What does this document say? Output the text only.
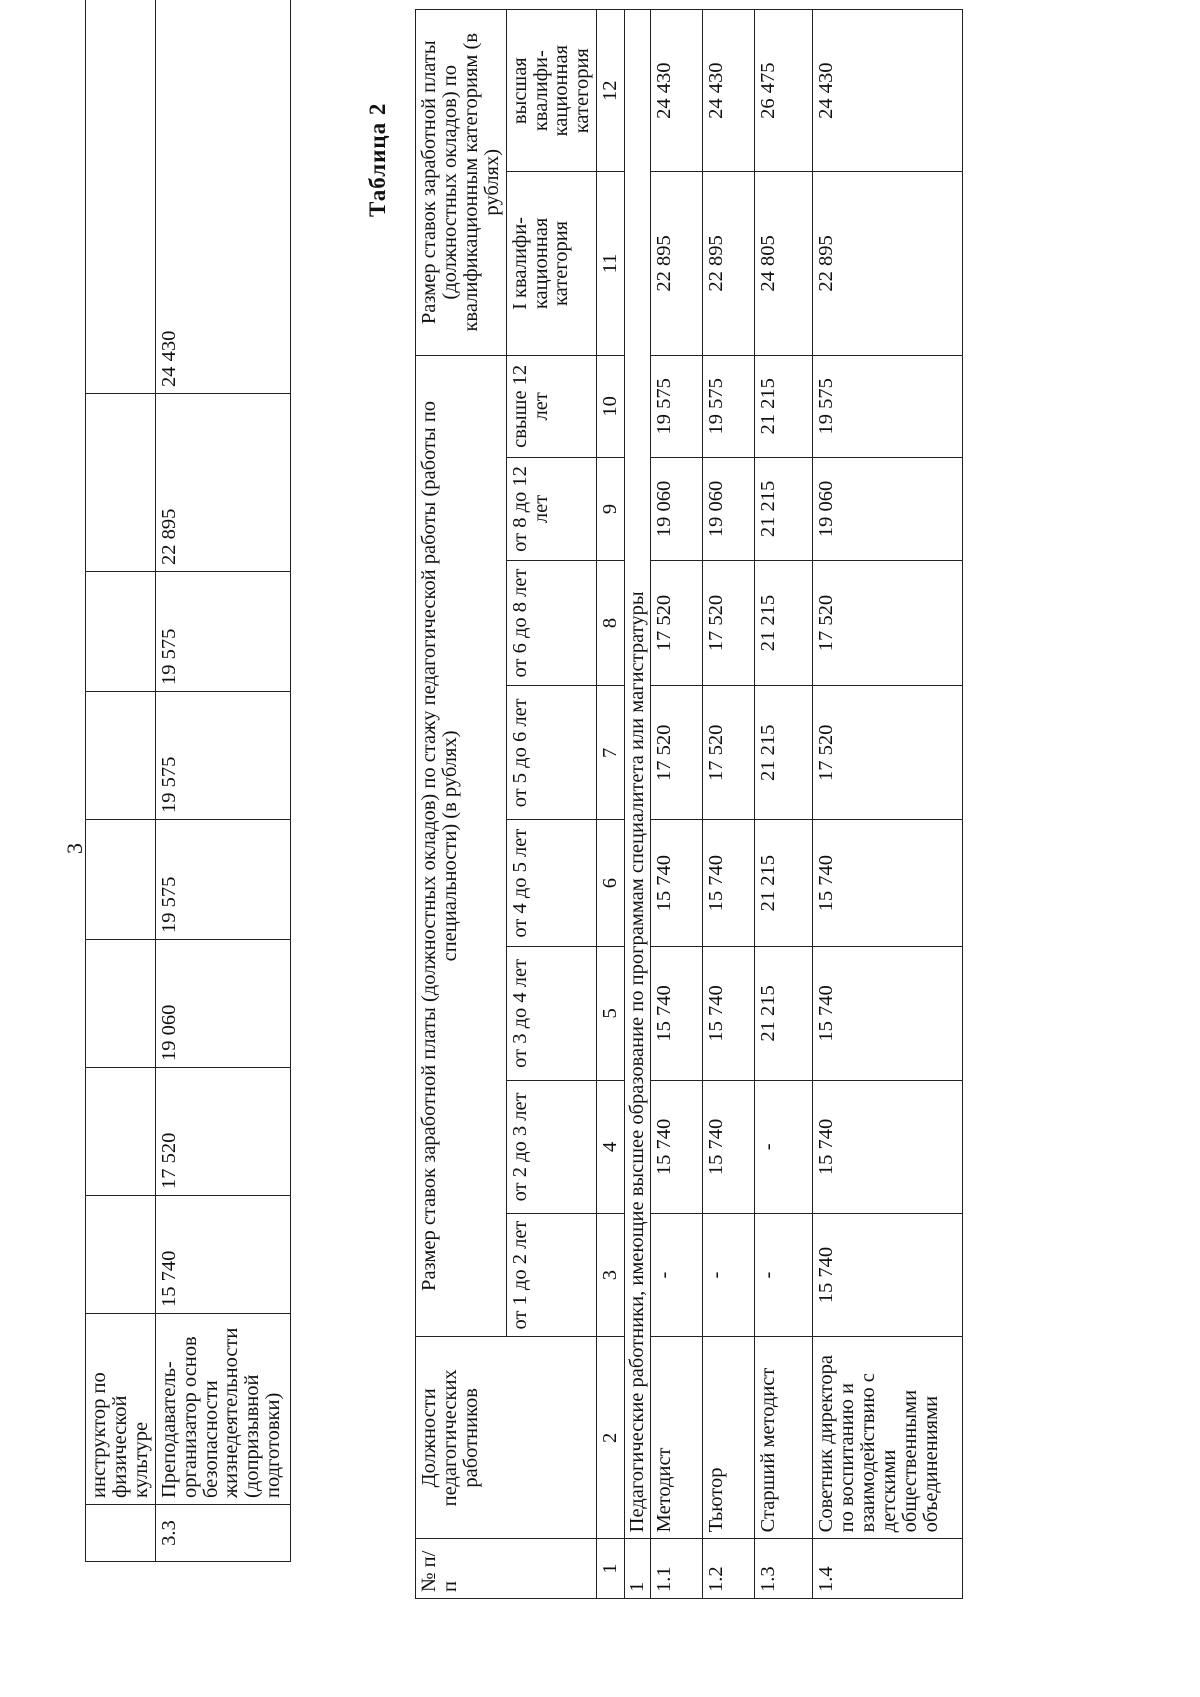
3
	инструктор по физической культуре									
3.3	Преподаватель-организатор основ безопасности жизнедеятельности (допризывной подготовки)	15 740	17 520	19 060	19 575	19 575	19 575	22 895	24 430	
Таблица 2
№ п/п	Должности педагогических работников	Размер ставок заработной платы (должностных окладов) по стажу педагогической работы (работы по специальности) (в рублях)								Размер ставок заработной платы (должностных окладов) по квалификационным категориям (в рублях)	
		от 1 до 2 лет	от 2 до 3 лет	от 3 до 4 лет	от 4 до 5 лет	от 5 до 6 лет	от 6 до 8 лет	от 8 до 12 лет	свыше 12 лет	I квалифи-кационная категория	высшая квалифи-кационная категория
1	2	3	4	5	6	7	8	9	10	11	12
1	Педагогические работники, имеющие высшее образование по программам специалитета или магистратуры										
1.1	Методист	-	15 740	15 740	15 740	17 520	17 520	19 060	19 575	22 895	24 430
1.2	Тьютор	-	15 740	15 740	15 740	17 520	17 520	19 060	19 575	22 895	24 430
1.3	Старший методист	-	-	21 215	21 215	21 215	21 215	21 215	21 215	24 805	26 475
1.4	Советник директора по воспитанию и взаимодействию с детскими общественными объединениями	15 740	15 740	15 740	15 740	17 520	17 520	19 060	19 575	22 895	24 430
